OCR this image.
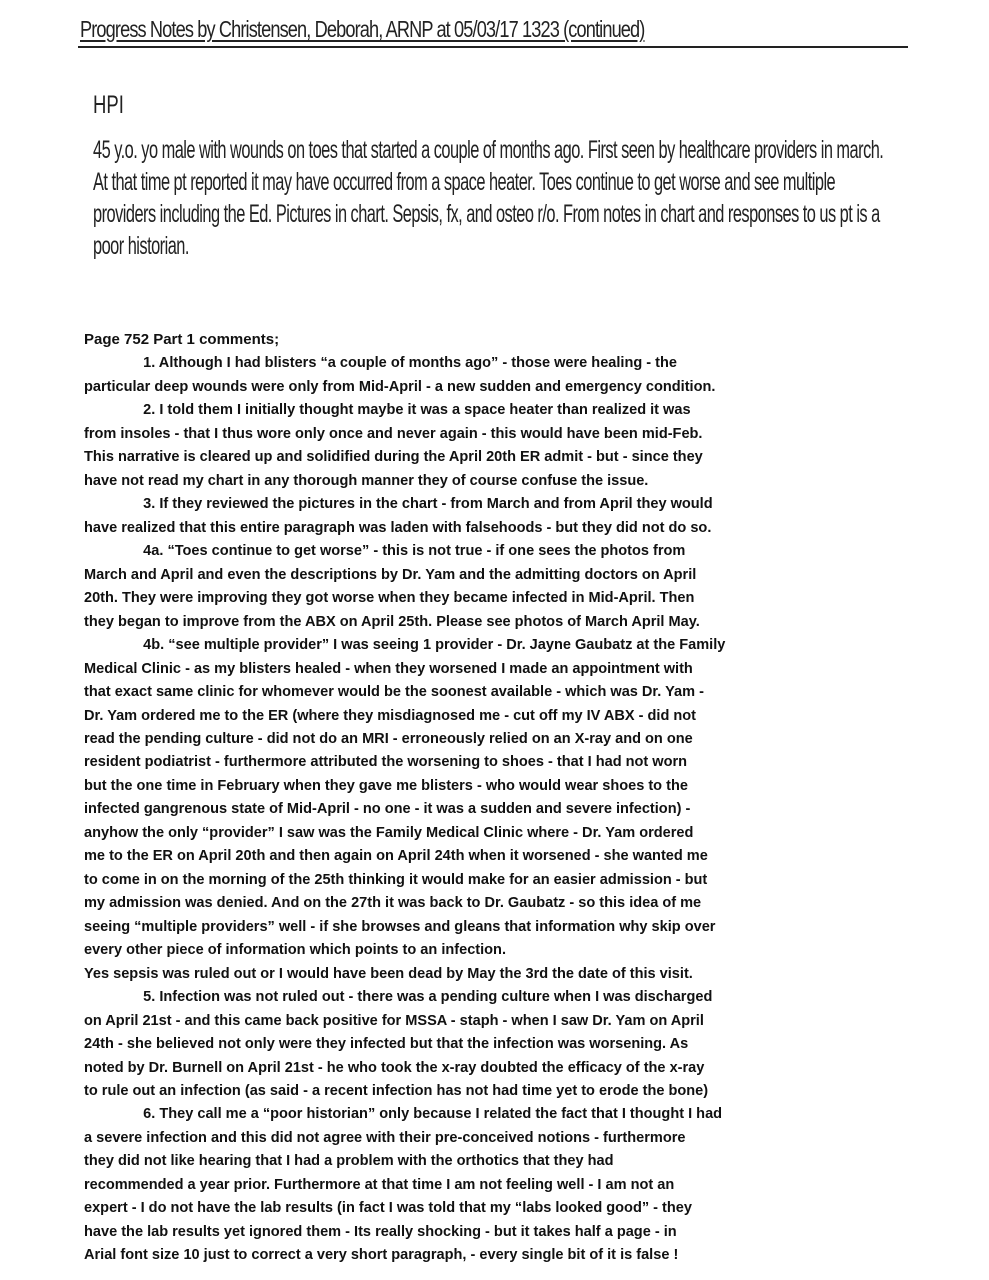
Progress Notes by Christensen, Deborah, ARNP at 05/03/17 1323 (continued)
HPI
45 y.o. yo male with wounds on toes that started a couple of months ago. First seen by healthcare providers in march.
At that time pt reported it may have occurred from a space heater. Toes continue to get worse and see multiple
providers including the Ed. Pictures in chart. Sepsis, fx, and osteo r/o. From notes in chart and responses to us pt is a
poor historian.
Page 752 Part 1 comments;
1. Although I had blisters “a couple of months ago” - those were healing - the
particular deep wounds were only from Mid-April - a new sudden and emergency condition.
2. I told them I initially thought maybe it was a space heater than realized it was
from insoles - that I thus wore only once and never again - this would have been mid-Feb.
This narrative is cleared up and solidified during the April 20th ER admit - but - since they
have not read my chart in any thorough manner they of course confuse the issue.
3. If they reviewed the pictures in the chart - from March and from April they would
have realized that this entire paragraph was laden with falsehoods - but they did not do so.
4a. “Toes continue to get worse” - this is not true - if one sees the photos from
March and April and even the descriptions by Dr. Yam and the admitting doctors on April
20th. They were improving they got worse when they became infected in Mid-April. Then
they began to improve from the ABX on April 25th. Please see photos of March April May.
4b. “see multiple provider” I was seeing 1 provider - Dr. Jayne Gaubatz at the Family
Medical Clinic - as my blisters healed - when they worsened I made an appointment with
that exact same clinic for whomever would be the soonest available - which was Dr. Yam -
Dr. Yam ordered me to the ER (where they misdiagnosed me - cut off my IV ABX - did not
read the pending culture - did not do an MRI - erroneously relied on an X-ray and on one
resident podiatrist - furthermore attributed the worsening to shoes - that I had not worn
but the one time in February when they gave me blisters - who would wear shoes to the
infected gangrenous state of Mid-April - no one - it was a sudden and severe infection) -
anyhow the only “provider” I saw was the Family Medical Clinic where - Dr. Yam ordered
me to the ER on April 20th and then again on April 24th when it worsened - she wanted me
to come in on the morning of the 25th thinking it would make for an easier admission - but
my admission was denied. And on the 27th it was back to Dr. Gaubatz - so this idea of me
seeing “multiple providers” well - if she browses and gleans that information why skip over
every other piece of information which points to an infection.
Yes sepsis was ruled out or I would have been dead by May the 3rd the date of this visit.
5. Infection was not ruled out - there was a pending culture when I was discharged
on April 21st - and this came back positive for MSSA - staph - when I saw Dr. Yam on April
24th - she believed not only were they infected but that the infection was worsening. As
noted by Dr. Burnell on April 21st - he who took the x-ray doubted the efficacy of the x-ray
to rule out an infection (as said - a recent infection has not had time yet to erode the bone)
6. They call me a “poor historian” only because I related the fact that I thought I had
a severe infection and this did not agree with their pre-conceived notions - furthermore
they did not like hearing that I had a problem with the orthotics that they had
recommended a year prior. Furthermore at that time I am not feeling well - I am not an
expert - I do not have the lab results (in fact I was told that my “labs looked good” - they
have the lab results yet ignored them - Its really shocking - but it takes half a page - in
Arial font size 10 just to correct a very short paragraph, - every single bit of it is false !
